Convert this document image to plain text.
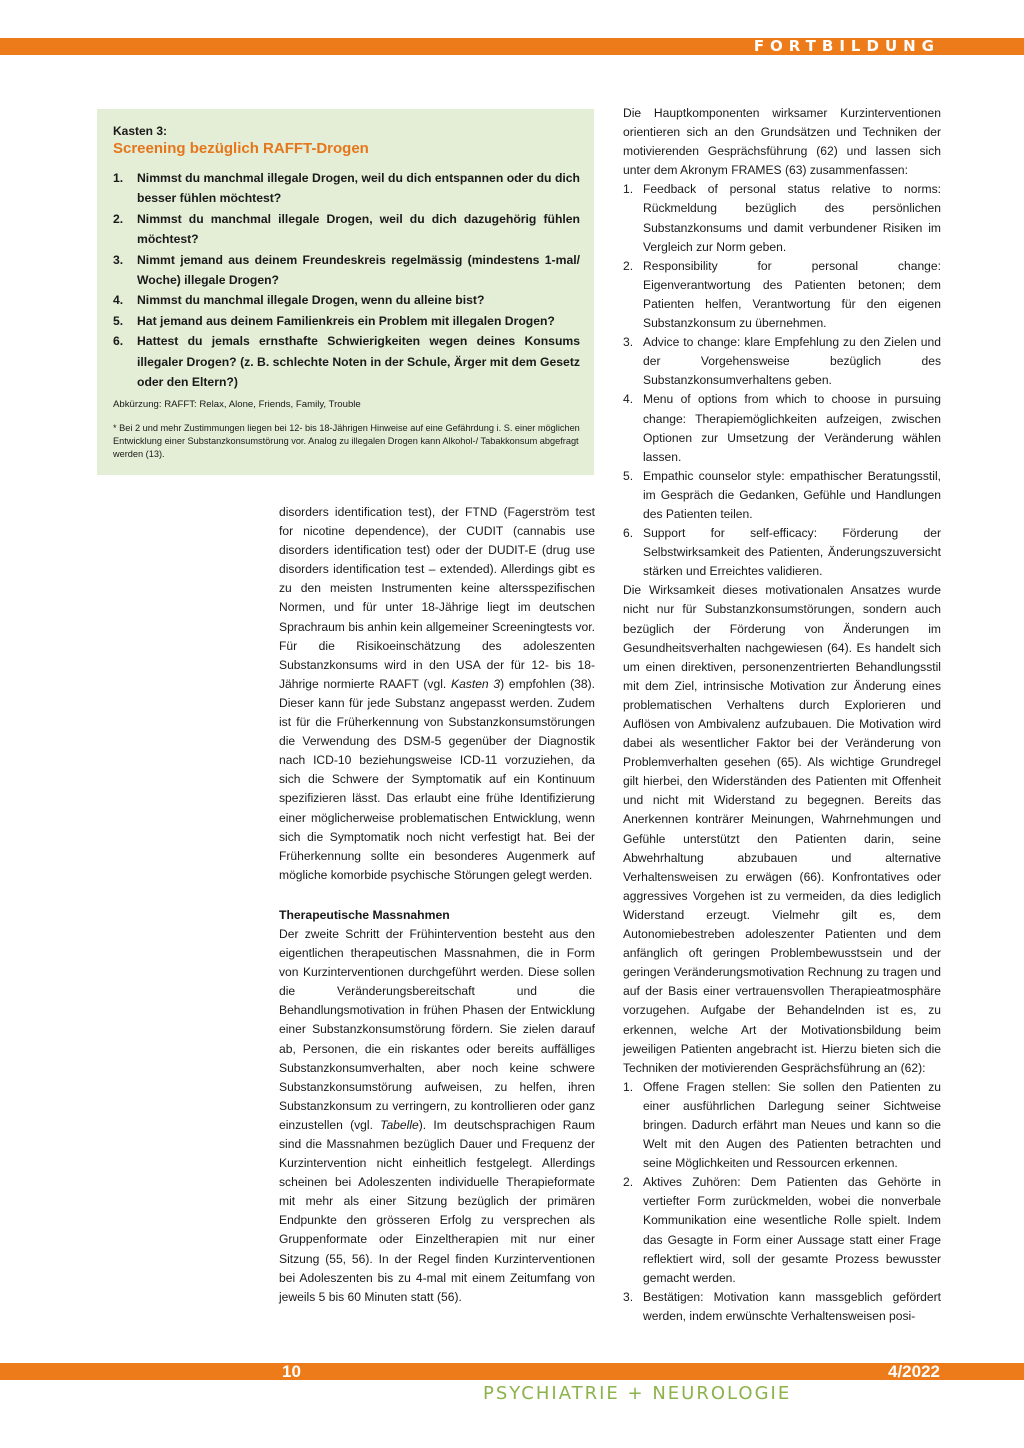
FORTBILDUNG
Kasten 3:
Screening bezüglich RAFFT-Drogen
1. Nimmst du manchmal illegale Drogen, weil du dich entspannen oder du dich besser fühlen möchtest?
2. Nimmst du manchmal illegale Drogen, weil du dich dazugehörig fühlen möchtest?
3. Nimmt jemand aus deinem Freundeskreis regelmässig (mindestens 1-mal/ Woche) illegale Drogen?
4. Nimmst du manchmal illegale Drogen, wenn du alleine bist?
5. Hat jemand aus deinem Familienkreis ein Problem mit illegalen Drogen?
6. Hattest du jemals ernsthafte Schwierigkeiten wegen deines Konsums illegaler Drogen? (z. B. schlechte Noten in der Schule, Ärger mit dem Gesetz oder den Eltern?)
Abkürzung: RAFFT: Relax, Alone, Friends, Family, Trouble
* Bei 2 und mehr Zustimmungen liegen bei 12- bis 18-Jährigen Hinweise auf eine Gefährdung i. S. einer möglichen Entwicklung einer Substanzkonsumstörung vor. Analog zu illegalen Drogen kann Alkohol-/ Tabakkonsum abgefragt werden (13).

disorders identification test), der FTND (Fagerström test for nicotine dependence), der CUDIT (cannabis use disorders identification test) oder der DUDIT-E (drug use disorders identification test – extended). Allerdings gibt es zu den meisten Instrumenten keine altersspezifischen Normen, und für unter 18-Jährige liegt im deutschen Sprachraum bis anhin kein allgemeiner Screeningtests vor. Für die Risikoeinschätzung des adoleszenten Substanzkonsums wird in den USA der für 12- bis 18-Jährige normierte RAAFT (vgl. Kasten 3) empfohlen (38). Dieser kann für jede Substanz angepasst werden. Zudem ist für die Früherkennung von Substanzkonsumstörungen die Verwendung des DSM-5 gegenüber der Diagnostik nach ICD-10 beziehungsweise ICD-11 vorzuziehen, da sich die Schwere der Symptomatik auf ein Kontinuum spezifizieren lässt. Das erlaubt eine frühe Identifizierung einer möglicherweise problematischen Entwicklung, wenn sich die Symptomatik noch nicht verfestigt hat. Bei der Früherkennung sollte ein besonderes Augenmerk auf mögliche komorbide psychische Störungen gelegt werden.

Therapeutische Massnahmen

Der zweite Schritt der Frühintervention besteht aus den eigentlichen therapeutischen Massnahmen, die in Form von Kurzinterventionen durchgeführt werden. Diese sollen die Veränderungsbereitschaft und die Behandlungsmotivation in frühen Phasen der Entwicklung einer Substanzkonsumstörung fördern. Sie zielen darauf ab, Personen, die ein riskantes oder bereits auffälliges Substanzkonsumverhalten, aber noch keine schwere Substanzkonsumstörung aufweisen, zu helfen, ihren Substanzkonsum zu verringern, zu kontrollieren oder ganz einzustellen (vgl. Tabelle). Im deutschsprachigen Raum sind die Massnahmen bezüglich Dauer und Frequenz der Kurzintervention nicht einheitlich festgelegt. Allerdings scheinen bei Adoleszenten individuelle Therapieformate mit mehr als einer Sitzung bezüglich der primären Endpunkte den grösseren Erfolg zu versprechen als Gruppenformate oder Einzeltherapien mit nur einer Sitzung (55, 56). In der Regel finden Kurzinterventionen bei Adoleszenten bis zu 4-mal mit einem Zeitumfang von jeweils 5 bis 60 Minuten statt (56).

Die Hauptkomponenten wirksamer Kurzinterventionen orientieren sich an den Grundsätzen und Techniken der motivierenden Gesprächsführung (62) und lassen sich unter dem Akronym FRAMES (63) zusammenfassen:

1. Feedback of personal status relative to norms: Rückmeldung bezüglich des persönlichen Substanzkonsums und damit verbundener Risiken im Vergleich zur Norm geben.
2. Responsibility for personal change: Eigenverantwortung des Patienten betonen; dem Patienten helfen, Verantwortung für den eigenen Substanzkonsum zu übernehmen.
3. Advice to change: klare Empfehlung zu den Zielen und der Vorgehensweise bezüglich des Substanzkonsumverhaltens geben.
4. Menu of options from which to choose in pursuing change: Therapiemöglichkeiten aufzeigen, zwischen Optionen zur Umsetzung der Veränderung wählen lassen.
5. Empathic counselor style: empathischer Beratungsstil, im Gespräch die Gedanken, Gefühle und Handlungen des Patienten teilen.
6. Support for self-efficacy: Förderung der Selbstwirksamkeit des Patienten, Änderungszuversicht stärken und Erreichtes validieren.

Die Wirksamkeit dieses motivationalen Ansatzes wurde nicht nur für Substanzkonsumstörungen, sondern auch bezüglich der Förderung von Änderungen im Gesundheitsverhalten nachgewiesen (64). Es handelt sich um einen direktiven, personenzentrierten Behandlungsstil mit dem Ziel, intrinsische Motivation zur Änderung eines problematischen Verhaltens durch Explorieren und Auflösen von Ambivalenz aufzubauen. Die Motivation wird dabei als wesentlicher Faktor bei der Veränderung von Problemverhalten gesehen (65). Als wichtige Grundregel gilt hierbei, den Widerständen des Patienten mit Offenheit und nicht mit Widerstand zu begegnen. Bereits das Anerkennen konträrer Meinungen, Wahrnehmungen und Gefühle unterstützt den Patienten darin, seine Abwehrhaltung abzubauen und alternative Verhaltensweisen zu erwägen (66). Konfrontatives oder aggressives Vorgehen ist zu vermeiden, da dies lediglich Widerstand erzeugt. Vielmehr gilt es, dem Autonomiebestreben adoleszenter Patienten und dem anfänglich oft geringen Problembewusstsein und der geringen Veränderungsmotivation Rechnung zu tragen und auf der Basis einer vertrauensvollen Therapieatmosphäre vorzugehen. Aufgabe der Behandelnden ist es, zu erkennen, welche Art der Motivationsbildung beim jeweiligen Patienten angebracht ist. Hierzu bieten sich die Techniken der motivierenden Gesprächsführung an (62):

1. Offene Fragen stellen: Sie sollen den Patienten zu einer ausführlichen Darlegung seiner Sichtweise bringen. Dadurch erfährt man Neues und kann so die Welt mit den Augen des Patienten betrachten und seine Möglichkeiten und Ressourcen erkennen.
2. Aktives Zuhören: Dem Patienten das Gehörte in vertiefter Form zurückmelden, wobei die nonverbale Kommunikation eine wesentliche Rolle spielt. Indem das Gesagte in Form einer Aussage statt einer Frage reflektiert wird, soll der gesamte Prozess bewusster gemacht werden.
3. Bestätigen: Motivation kann massgeblich gefördert werden, indem erwünschte Verhaltensweisen posi-
10	4/2022
PSYCHIATRIE + NEUROLOGIE
